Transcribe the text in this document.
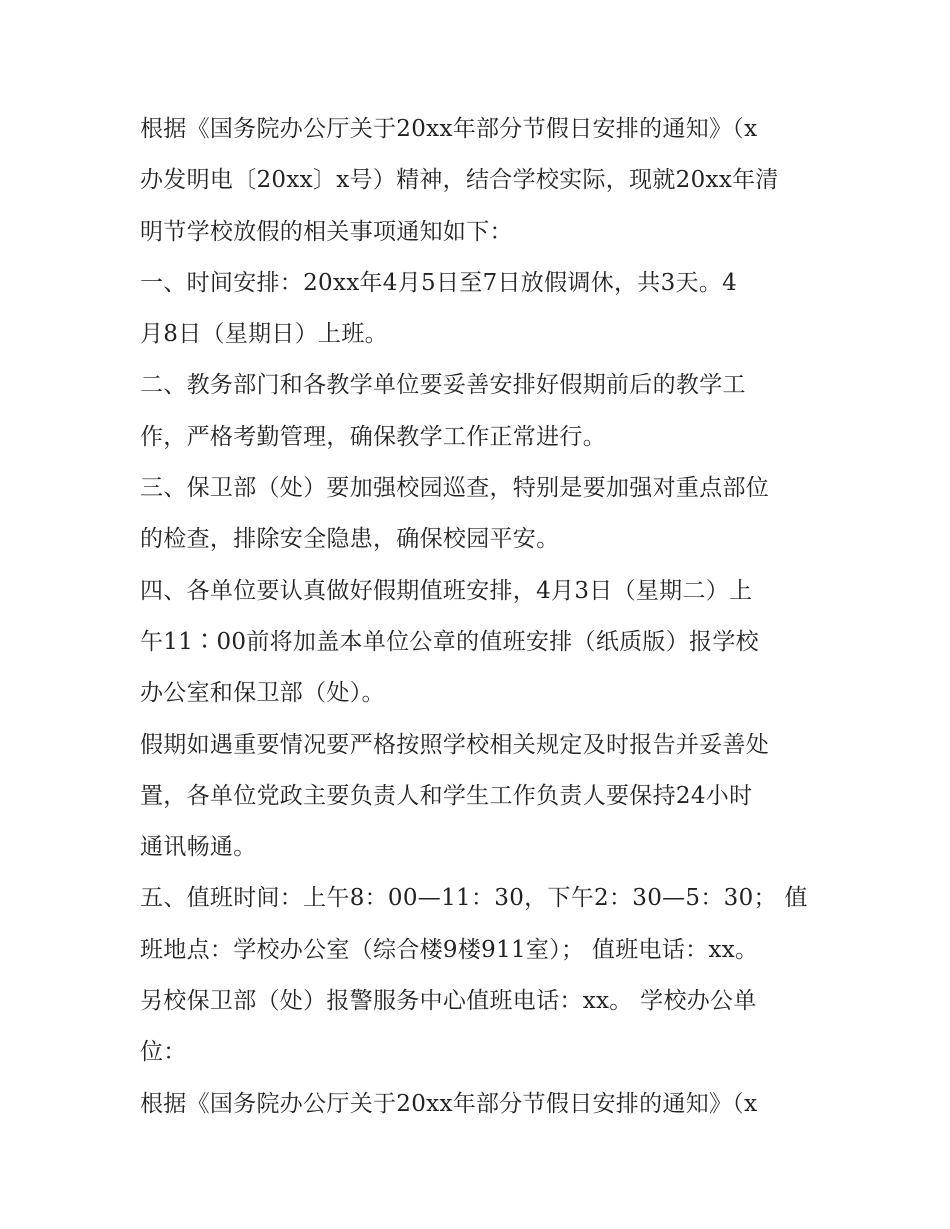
根据《国务院办公厅关于20xx年部分节假日安排的通知》（x
办发明电〔20xx〕x号）精神，结合学校实际，现就20xx年清
明节学校放假的相关事项通知如下：

一、时间安排：20xx年4月5日至7日放假调休，共3天。4
月8日（星期日）上班。

二、教务部门和各教学单位要妥善安排好假期前后的教学工
作，严格考勤管理，确保教学工作正常进行。

三、保卫部（处）要加强校园巡查，特别是要加强对重点部位
的检查，排除安全隐患，确保校园平安。

四、各单位要认真做好假期值班安排，4月3日（星期二）上
午11∶00前将加盖本单位公章的值班安排（纸质版）报学校
办公室和保卫部（处）。

假期如遇重要情况要严格按照学校相关规定及时报告并妥善处
置，各单位党政主要负责人和学生工作负责人要保持24小时
通讯畅通。

五、值班时间：上午8：00—11：30，下午2：30—5：30； 值
班地点：学校办公室（综合楼9楼911室）； 值班电话：xx。
另校保卫部（处）报警服务中心值班电话：xx。 学校办公单
位：

根据《国务院办公厅关于20xx年部分节假日安排的通知》（x
